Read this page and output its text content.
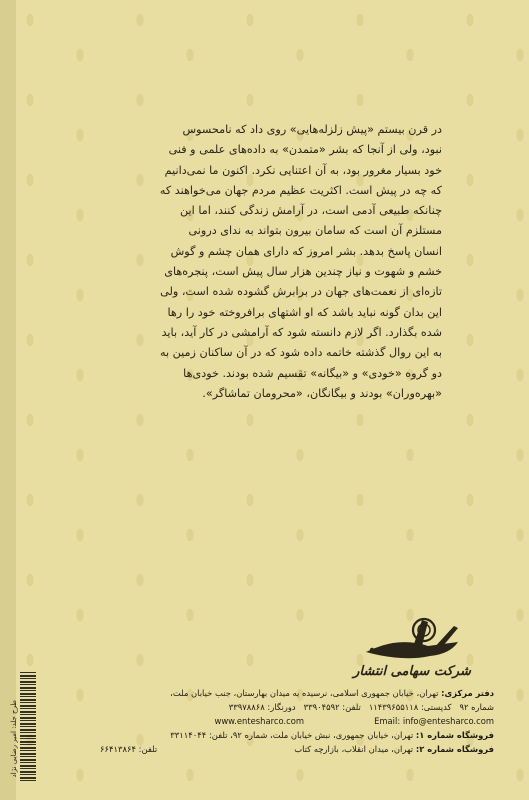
در قرن بیستم «پیش زلزله‌هایی» روی داد که نامحسوس

نبود، ولی از آنجا که بشر «متمدن» به داده‌های علمی و فنی

خود بسیار مغرور بود، به آن اعتنایی نکرد. اکنون ما نمی‌دانیم

که چه در پیش است. اکثریت عظیم مردم جهان می‌خواهند که

چنانکه طبیعی آدمی است، در آرامش زندگی کنند، اما این

مستلزم آن است که سامان بیرون بتواند به ندای درونی

انسان پاسخ بدهد. بشر امروز که دارای همان چشم و گوش

خشم و شهوت و نیاز چندین هزار سال پیش است، پنجره‌های

تازه‌ای از نعمت‌های جهان در برابرش گشوده شده است، ولی

این بدان گونه نباید باشد که او اشتهای برافروخته خود را رها

شده بگذارد. اگر لازم دانسته شود که آرامشی در کار آید، باید

به این روال گذشته خاتمه داده شود که در آن ساکنان زمین به

دو گروه «خودی» و «بیگانه» تقسیم شده بودند. خودی‌ها

«بهره‌وران» بودند و بیگانگان، «محرومان تماشاگر».

شرکت سهامی انتشار
دفتر مرکزی: تهران، خیابان جمهوری اسلامی، نرسیده به میدان بهارستان، جنب خیابان ملت،
شماره ۹۲   کدپستی: ۱۱۴۳۹۶۵۵۱۱۸   تلفن: ۳۳۹۰۴۵۹۲   دورنگار: ۳۳۹۷۸۸۶۸
Email: info@entesharco.com
www.entesharco.com
فروشگاه شماره ۱: تهران، خیابان جمهوری، نبش خیابان ملت، شماره ۹۲، تلفن: ۳۳۱۱۴۰۴۴
فروشگاه شماره ۲: تهران، میدان انقلاب، بازارچه کتاب
تلفن: ۶۶۴۱۳۸۶۴
طرح جلد: امیر رضایی نژاد
